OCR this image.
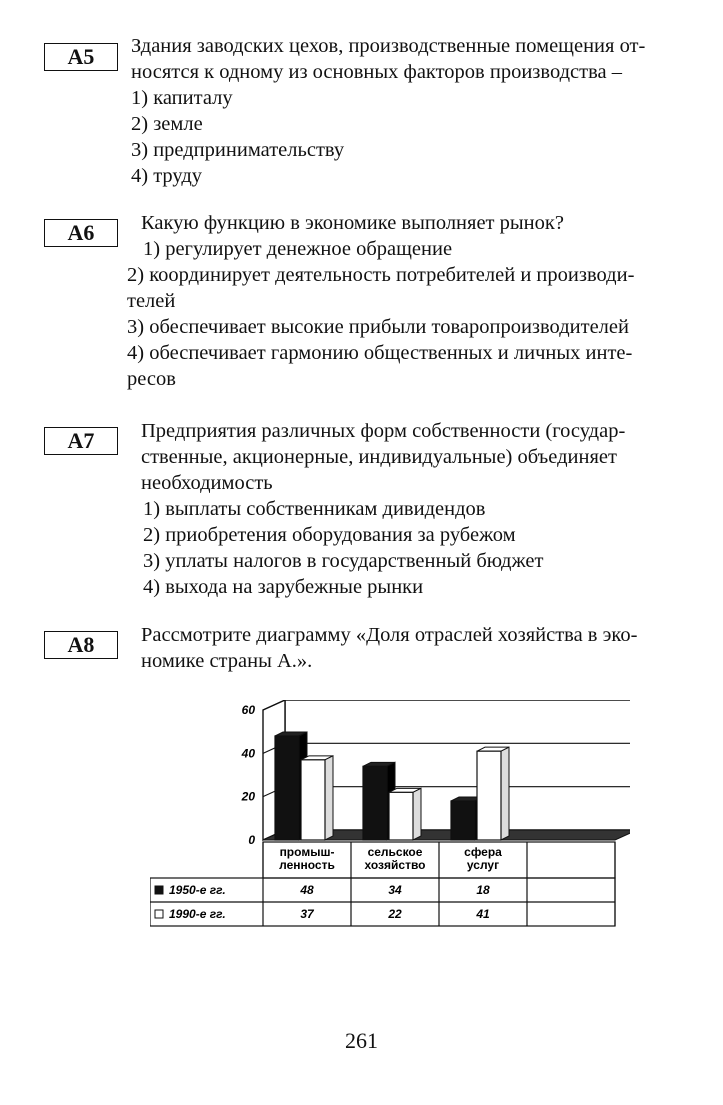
A5	Здания заводских цехов, производственные помещения от-
носятся к одному из основных факторов производства –
1) капиталу
2) земле
3) предпринимательству
4) труду
A6	Какую функцию в экономике выполняет рынок?
1) регулирует денежное обращение
2) координирует деятельность потребителей и производи-
телей
3) обеспечивает высокие прибыли товаропроизводителей
4) обеспечивает гармонию общественных и личных инте-
ресов
A7	Предприятия различных форм собственности (государ-
ственные, акционерные, индивидуальные) объединяет
необходимость
1) выплаты собственникам дивидендов
2) приобретения оборудования за рубежом
3) уплаты налогов в государственный бюджет
4) выхода на зарубежные рынки
A8	Рассмотрите диаграмму «Доля отраслей хозяйства в эко-
номике страны А.».
0
20
40
60
промыш-
ленность
сельское
хозяйство
сфера
услуг
1950-е гг.	48	34	18
1990-е гг.	37	22	41
261
